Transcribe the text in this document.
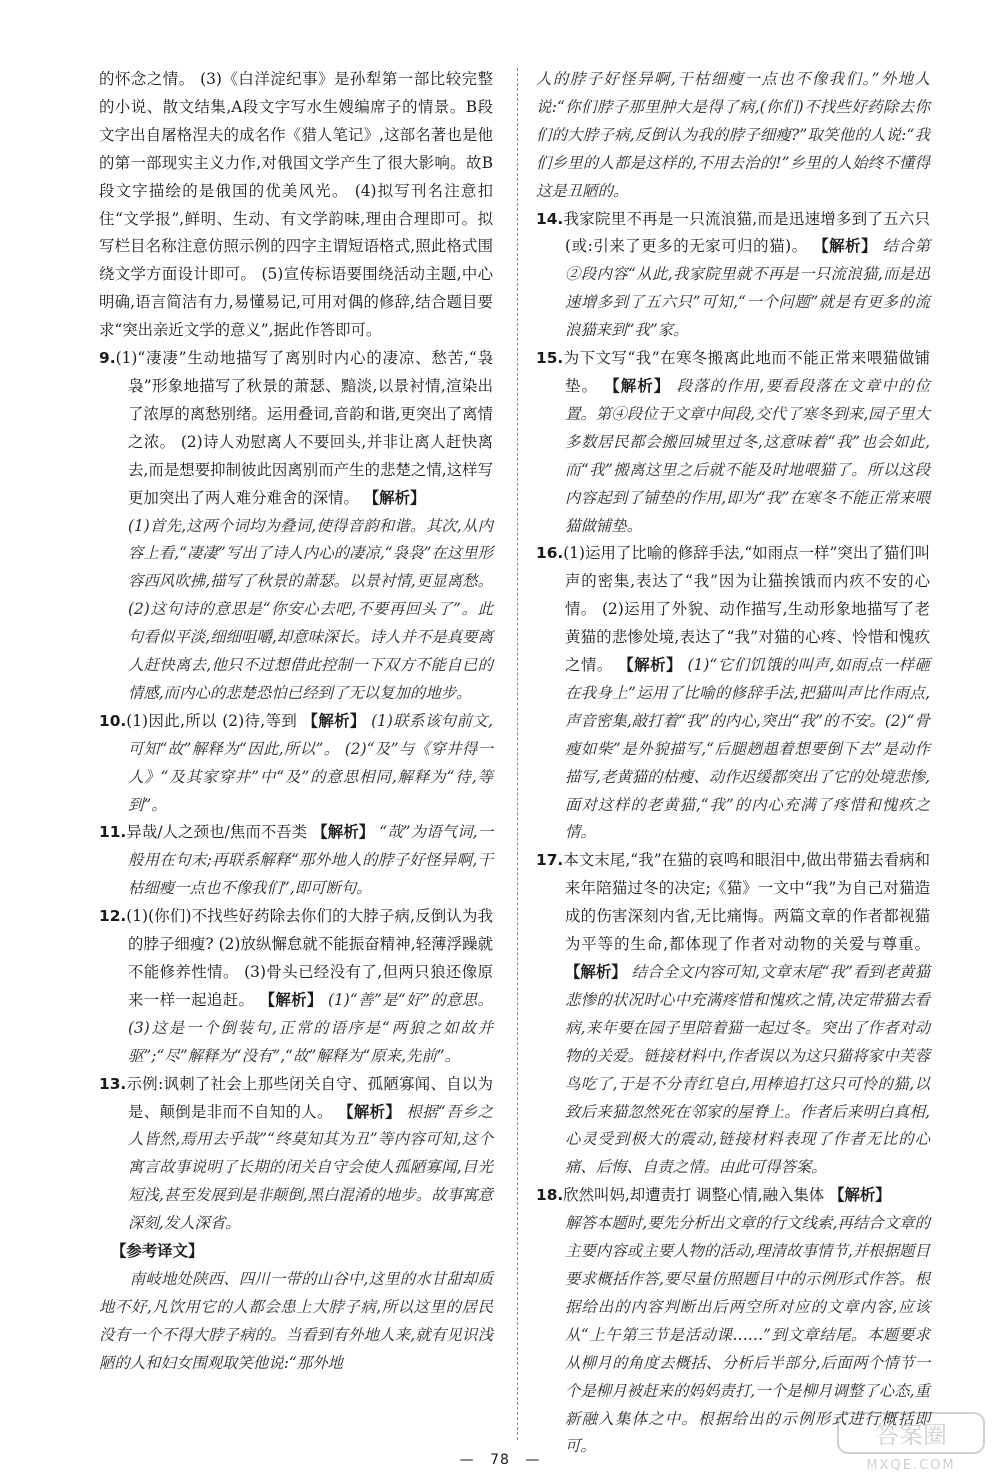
的怀念之情。 (3)《白洋淀纪事》是孙犁第一部比较完整的小说、散文结集,A段文字写水生嫂编席子的情景。B段文字出自屠格涅夫的成名作《猎人笔记》,这部名著也是他的第一部现实主义力作,对俄国文学产生了很大影响。故B段文字描绘的是俄国的优美风光。 (4)拟写刊名注意扣住“文学报”,鲜明、生动、有文学韵味,理由合理即可。拟写栏目名称注意仿照示例的四字主谓短语格式,照此格式围绕文学方面设计即可。 (5)宣传标语要围绕活动主题,中心明确,语言简洁有力,易懂易记,可用对偶的修辞,结合题目要求“突出亲近文学的意义”,据此作答即可。

9.(1)“凄凄”生动地描写了离别时内心的凄凉、愁苦,“袅袅”形象地描写了秋景的萧瑟、黯淡,以景衬情,渲染出了浓厚的离愁别绪。运用叠词,音韵和谐,更突出了离情之浓。 (2)诗人劝慰离人不要回头,并非让离人赶快离去,而是想要抑制彼此因离别而产生的悲楚之情,这样写更加突出了两人难分难舍的深情。 【解析】
(1)首先,这两个词均为叠词,使得音韵和谐。其次,从内容上看,“凄凄”写出了诗人内心的凄凉,“袅袅”在这里形容西风吹拂,描写了秋景的萧瑟。以景衬情,更显离愁。 (2)这句诗的意思是“你安心去吧,不要再回头了”。此句看似平淡,细细咀嚼,却意味深长。诗人并不是真要离人赶快离去,他只不过想借此控制一下双方不能自已的情感,而内心的悲楚恐怕已经到了无以复加的地步。

10.(1)因此,所以 (2)待,等到 【解析】 (1)联系该句前文,可知“故”解释为“因此,所以”。 (2)“及”与《穿井得一人》“及其家穿井”中“及”的意思相同,解释为“待,等到”。

11.异哉/人之颈也/焦而不吾类 【解析】 “哉”为语气词,一般用在句末;再联系解释“那外地人的脖子好怪异啊,干枯细瘦一点也不像我们”,即可断句。

12.(1)(你们)不找些好药除去你们的大脖子病,反倒认为我的脖子细瘦? (2)放纵懈怠就不能振奋精神,轻薄浮躁就不能修养性情。 (3)骨头已经没有了,但两只狼还像原来一样一起追赶。 【解析】 (1)“善”是“好”的意思。 (3)这是一个倒装句,正常的语序是“两狼之如故并驱”;“尽”解释为“没有”,“故”解释为“原来,先前”。

13.示例:讽刺了社会上那些闭关自守、孤陋寡闻、自以为是、颠倒是非而不自知的人。 【解析】 根据“吾乡之人皆然,焉用去乎哉”“终莫知其为丑”等内容可知,这个寓言故事说明了长期的闭关自守会使人孤陋寡闻,目光短浅,甚至发展到是非颠倒,黑白混淆的地步。故事寓意深刻,发人深省。

【参考译文】

南岐地处陕西、四川一带的山谷中,这里的水甘甜却质地不好,凡饮用它的人都会患上大脖子病,所以这里的居民没有一个不得大脖子病的。当看到有外地人来,就有见识浅陋的人和妇女围观取笑他说:“那外地

人的脖子好怪异啊,干枯细瘦一点也不像我们。”外地人说:“你们脖子那里肿大是得了病,(你们)不找些好药除去你们的大脖子病,反倒认为我的脖子细瘦?”取笑他的人说:“我们乡里的人都是这样的,不用去治的!”乡里的人始终不懂得这是丑陋的。

14.我家院里不再是一只流浪猫,而是迅速增多到了五六只(或:引来了更多的无家可归的猫)。 【解析】 结合第②段内容“从此,我家院里就不再是一只流浪猫,而是迅速增多到了五六只”可知,“一个问题”就是有更多的流浪猫来到“我”家。

15.为下文写“我”在寒冬搬离此地而不能正常来喂猫做铺垫。 【解析】 段落的作用,要看段落在文章中的位置。第④段位于文章中间段,交代了寒冬到来,园子里大多数居民都会搬回城里过冬,这意味着“我”也会如此,而“我”搬离这里之后就不能及时地喂猫了。所以这段内容起到了铺垫的作用,即为“我”在寒冬不能正常来喂猫做铺垫。

16.(1)运用了比喻的修辞手法,“如雨点一样”突出了猫们叫声的密集,表达了“我”因为让猫挨饿而内疚不安的心情。 (2)运用了外貌、动作描写,生动形象地描写了老黄猫的悲惨处境,表达了“我”对猫的心疼、怜惜和愧疚之情。 【解析】 (1)“它们饥饿的叫声,如雨点一样砸在我身上”运用了比喻的修辞手法,把猫叫声比作雨点,声音密集,敲打着“我”的内心,突出“我”的不安。(2)“骨瘦如柴”是外貌描写,“后腿趔趄着想要倒下去”是动作描写,老黄猫的枯瘦、动作迟缓都突出了它的处境悲惨,面对这样的老黄猫,“我”的内心充满了疼惜和愧疚之情。

17.本文末尾,“我”在猫的哀鸣和眼泪中,做出带猫去看病和来年陪猫过冬的决定;《猫》一文中“我”为自己对猫造成的伤害深刻内省,无比痛悔。两篇文章的作者都视猫为平等的生命,都体现了作者对动物的关爱与尊重。 【解析】 结合全文内容可知,文章末尾“我”看到老黄猫悲惨的状况时心中充满疼惜和愧疚之情,决定带猫去看病,来年要在园子里陪着猫一起过冬。突出了作者对动物的关爱。链接材料中,作者误以为这只猫将家中芙蓉鸟吃了,于是不分青红皂白,用棒追打这只可怜的猫,以致后来猫忽然死在邻家的屋脊上。作者后来明白真相,心灵受到极大的震动,链接材料表现了作者无比的心痛、后悔、自责之情。由此可得答案。

18.欣然叫妈,却遭责打 调整心情,融入集体 【解析】
解答本题时,要先分析出文章的行文线索,再结合文章的主要内容或主要人物的活动,理清故事情节,并根据题目要求概括作答,要尽量仿照题目中的示例形式作答。根据给出的内容判断出后两空所对应的文章内容,应该从“上午第三节是活动课……”到文章结尾。本题要求从柳月的角度去概括、分析后半部分,后面两个情节一个是柳月被赶来的妈妈责打,一个是柳月调整了心态,重新融入集体之中。根据给出的示例形式进行概括即可。

— 78 —
答案圈
MXQE.COM
